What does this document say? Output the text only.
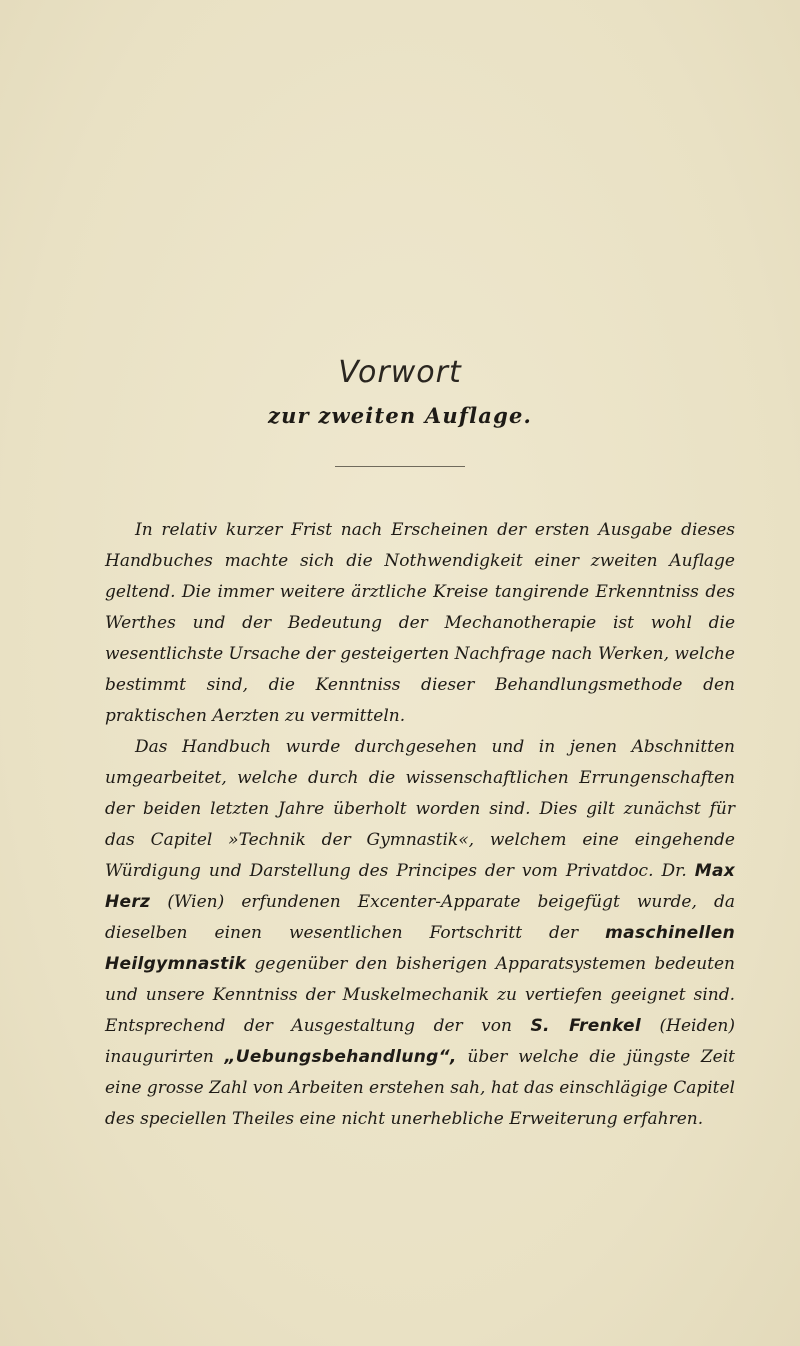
Vorwort
zur zweiten Auflage.

In relativ kurzer Frist nach Erscheinen der ersten Ausgabe dieses Handbuches machte sich die Nothwendigkeit einer zweiten Auflage geltend. Die immer weitere ärztliche Kreise tangirende Erkenntniss des Werthes und der Bedeutung der Mechanotherapie ist wohl die wesentlichste Ursache der gesteigerten Nachfrage nach Werken, welche bestimmt sind, die Kenntniss dieser Behandlungsmethode den praktischen Aerzten zu vermitteln.

Das Handbuch wurde durchgesehen und in jenen Abschnitten umgearbeitet, welche durch die wissenschaftlichen Errungenschaften der beiden letzten Jahre überholt worden sind. Dies gilt zunächst für das Capitel »Technik der Gymnastik«, welchem eine eingehende Würdigung und Darstellung des Principes der vom Privatdoc. Dr. Max Herz (Wien) erfundenen Excenter-Apparate beigefügt wurde, da dieselben einen wesentlichen Fortschritt der maschinellen Heilgymnastik gegenüber den bisherigen Apparatsystemen bedeuten und unsere Kenntniss der Muskelmechanik zu vertiefen geeignet sind. Entsprechend der Ausgestaltung der von S. Frenkel (Heiden) inaugurirten „Uebungsbehandlung“, über welche die jüngste Zeit eine grosse Zahl von Arbeiten erstehen sah, hat das einschlägige Capitel des speciellen Theiles eine nicht unerhebliche Erweiterung erfahren.
